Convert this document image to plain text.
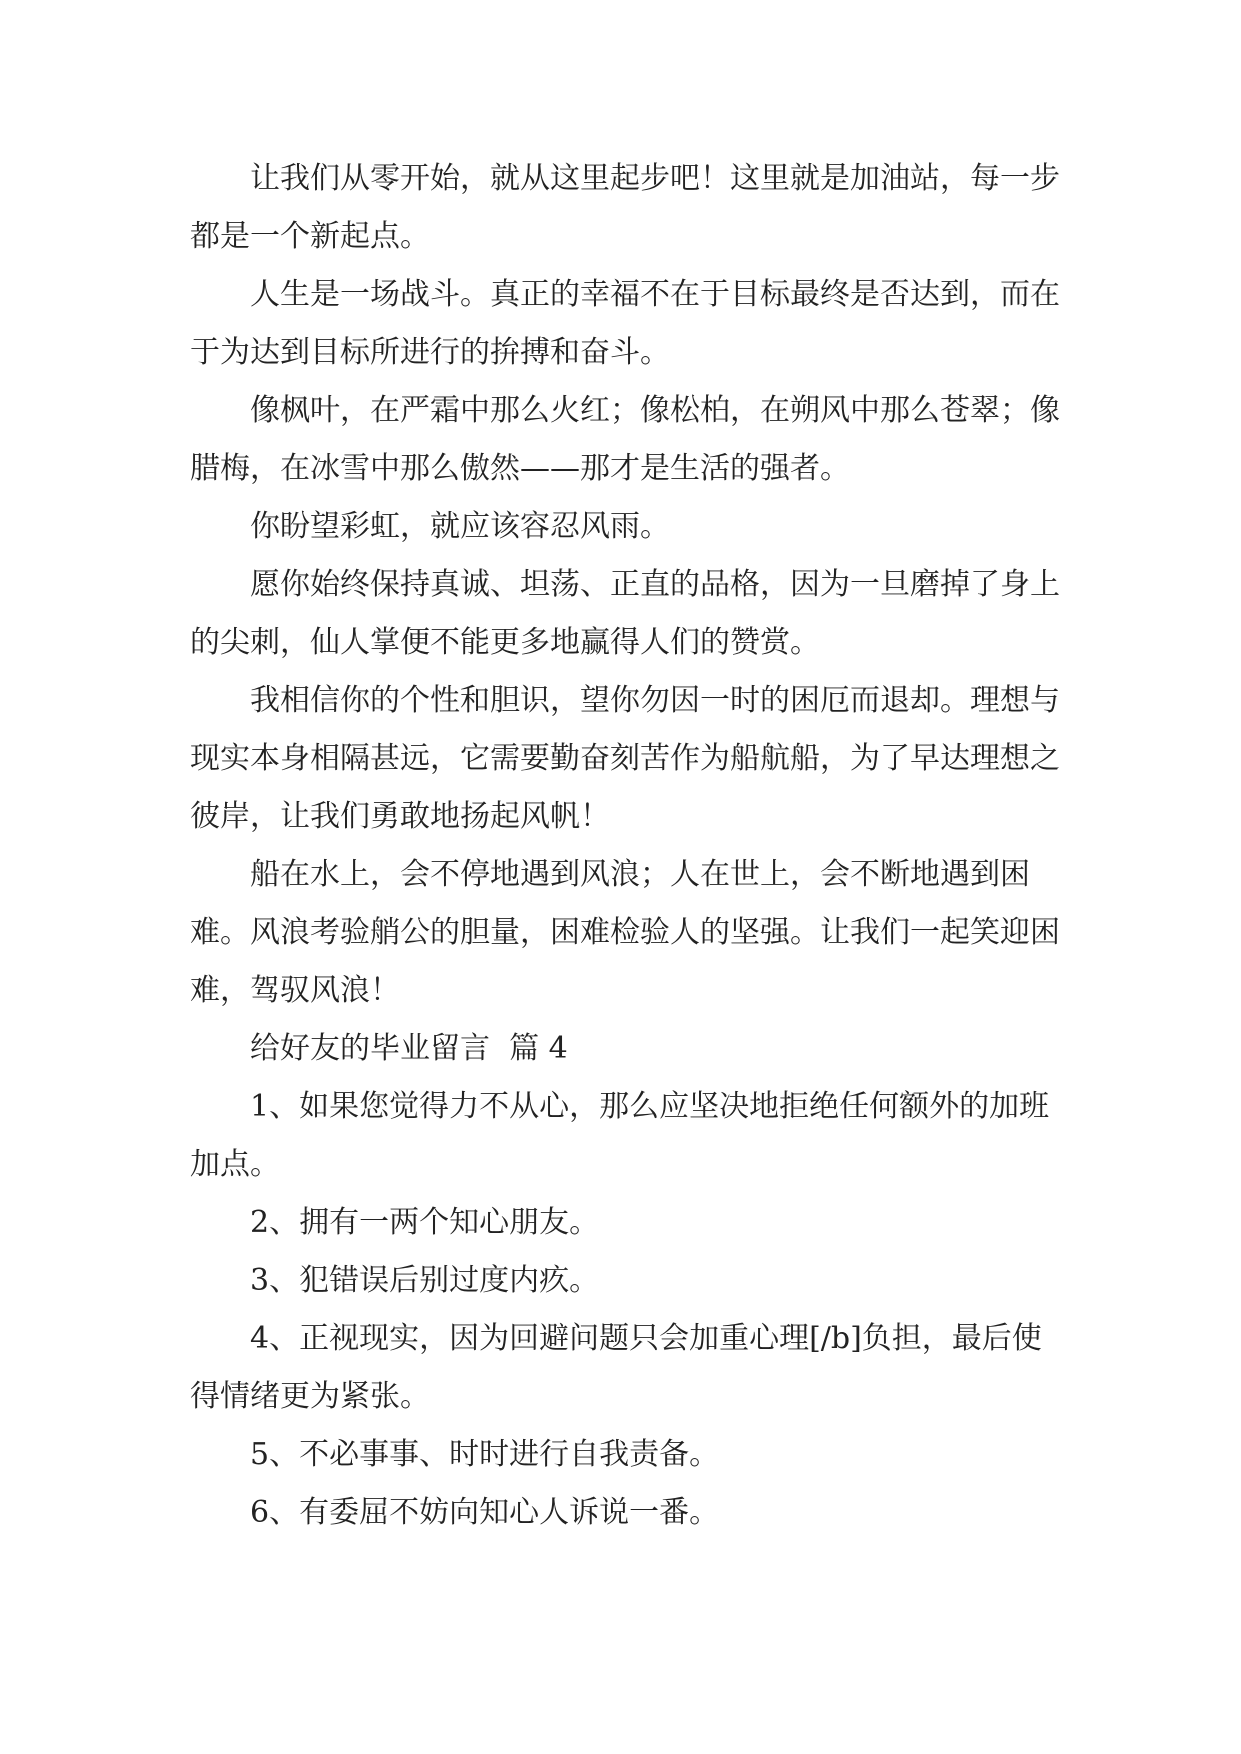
让我们从零开始，就从这里起步吧！这里就是加油站，每一步都是一个新起点。

人生是一场战斗。真正的幸福不在于目标最终是否达到，而在于为达到目标所进行的拚搏和奋斗。

像枫叶，在严霜中那么火红；像松柏，在朔风中那么苍翠；像腊梅，在冰雪中那么傲然——那才是生活的强者。

你盼望彩虹，就应该容忍风雨。

愿你始终保持真诚、坦荡、正直的品格，因为一旦磨掉了身上的尖刺，仙人掌便不能更多地赢得人们的赞赏。

我相信你的个性和胆识，望你勿因一时的困厄而退却。理想与现实本身相隔甚远，它需要勤奋刻苦作为船航船，为了早达理想之彼岸，让我们勇敢地扬起风帆！

船在水上，会不停地遇到风浪；人在世上，会不断地遇到困难。风浪考验艄公的胆量，困难检验人的坚强。让我们一起笑迎困难，驾驭风浪！

给好友的毕业留言  篇 4

1、如果您觉得力不从心，那么应坚决地拒绝任何额外的加班加点。

2、拥有一两个知心朋友。

3、犯错误后别过度内疚。

4、正视现实，因为回避问题只会加重心理[/b]负担，最后使得情绪更为紧张。

5、不必事事、时时进行自我责备。

6、有委屈不妨向知心人诉说一番。
